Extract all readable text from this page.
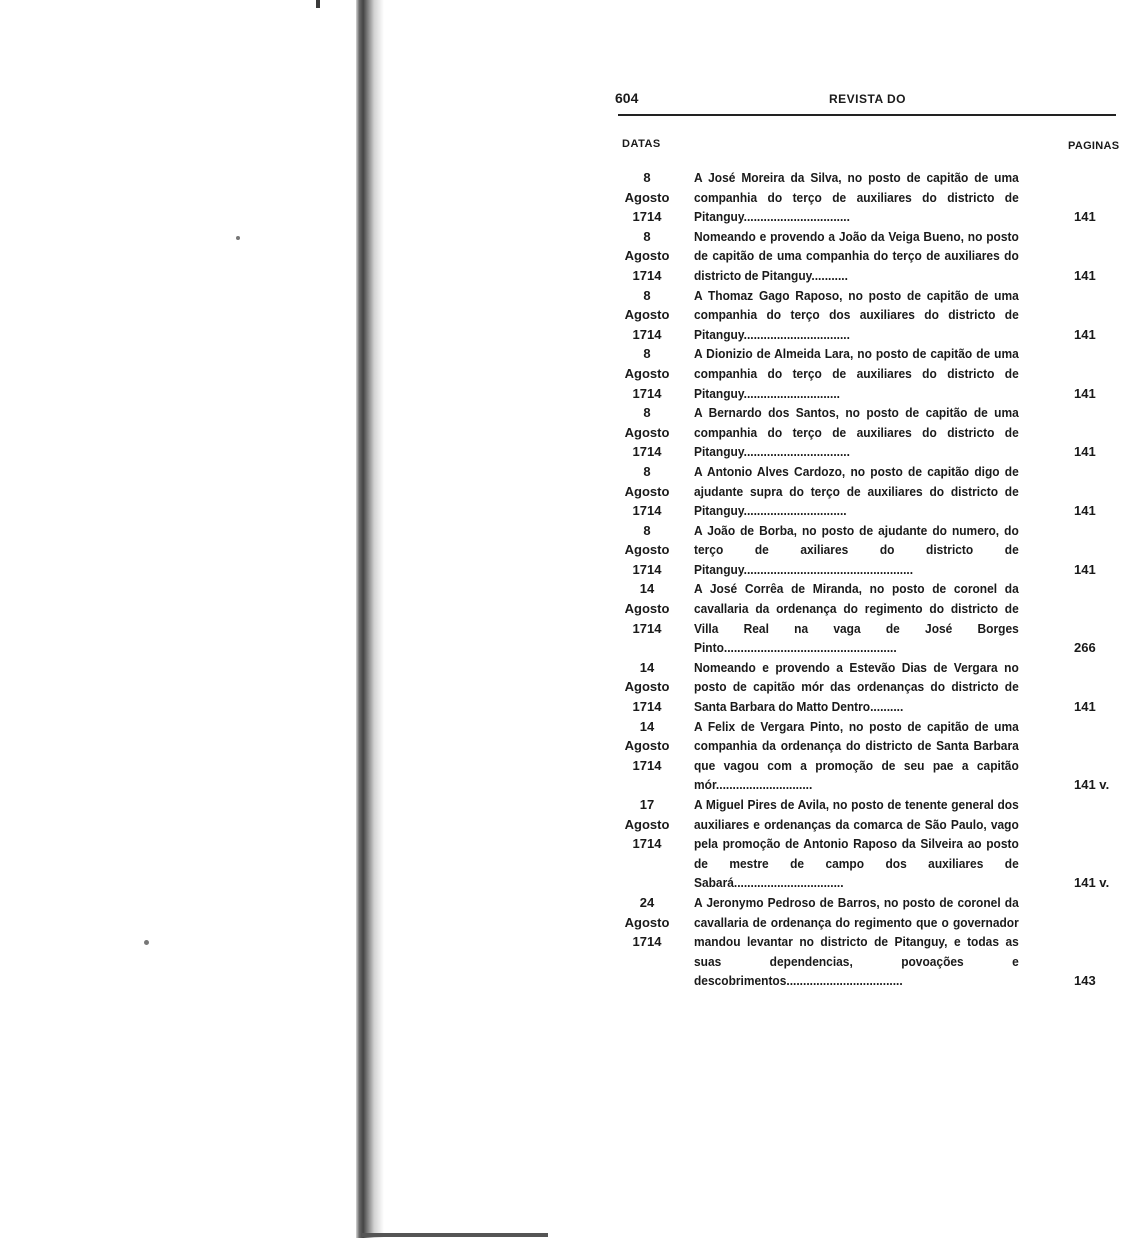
604	REVISTA DO
DATAS	PAGINAS
8
Agosto
1714
A José Moreira da Silva, no posto de capitão de uma companhia do terço de auxiliares do districto de Pitanguy................................	141
8
Agosto
1714
Nomeando e provendo a João da Veiga Bueno, no posto de capitão de uma companhia do terço de auxiliares do districto de Pitanguy...........	141
8
Agosto
1714
A Thomaz Gago Raposo, no posto de capitão de uma companhia do terço dos auxiliares do districto de Pitanguy................................	141
8
Agosto
1714
A Dionizio de Almeida Lara, no posto de capitão de uma companhia do terço de auxiliares do districto de Pitanguy.............................	141
8
Agosto
1714
A Bernardo dos Santos, no posto de capitão de uma companhia do terço de auxiliares do districto de Pitanguy................................	141
8
Agosto
1714
A Antonio Alves Cardozo, no posto de capitão digo de ajudante supra do terço de auxiliares do districto de Pitanguy...............................	141
8
Agosto
1714
A João de Borba, no posto de ajudante do numero, do terço de axiliares do districto de Pitanguy...................................................	141
14
Agosto
1714
A José Corrêa de Miranda, no posto de coronel da cavallaria da ordenança do regimento do districto de Villa Real na vaga de José Borges Pinto....................................................	266
14
Agosto
1714
Nomeando e provendo a Estevão Dias de Vergara no posto de capitão mór das ordenanças do districto de Santa Barbara do Matto Dentro..........	141
14
Agosto
1714
A Felix de Vergara Pinto, no posto de capitão de uma companhia da ordenança do districto de Santa Barbara que vagou com a promoção de seu pae a capitão mór.............................	141 v.
17
Agosto
1714
A Miguel Pires de Avila, no posto de tenente general dos auxiliares e ordenanças da comarca de São Paulo, vago pela promoção de Antonio Raposo da Silveira ao posto de mestre de campo dos auxiliares de Sabará.................................	141 v.
24
Agosto
1714
A Jeronymo Pedroso de Barros, no posto de coronel da cavallaria de ordenança do regimento que o governador mandou levantar no districto de Pitanguy, e todas as suas dependencias, povoações e descobrimentos...................................	143
